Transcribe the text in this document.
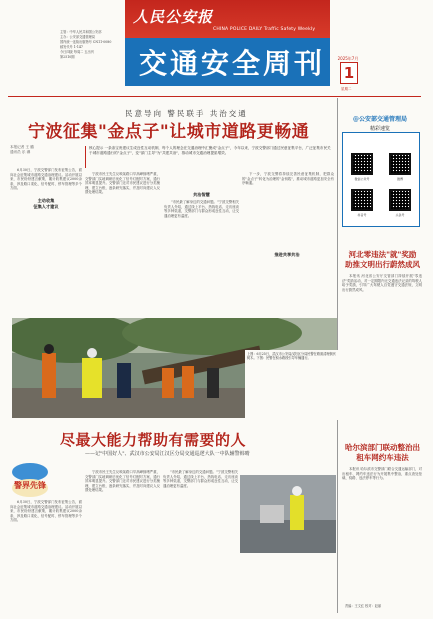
主管：中华人民共和国公安部
主办：公安部交通管理局
国内统一连续出版物号 CN11-0080
邮发代号 1-147
今日四版 每周二 五出刊
第2510期
人民公安报
CHINA POLICE DAILY Traffic Safety Weekly
交通安全周刊	2025年7月
1
星期二
民意导向 警民联手 共治交通
宁波征集"金点子"让城市道路更畅通
本报记者 王 璐
通讯员 乐 淋
核心提示 一条条宝贵建议生成良性互动机制，每个人的理念在交通治理中汇聚成"金点子"，今年以来，宁波交警部门通过民意征集平台，广泛征集市民关于城市道路通行的"金点子"，变"部门主导"为"共建共治"，推动城市交通治理提质增效。

6月30日，宁波交警部门发布征集公告，面向社会征集城市道路交通治理建议。活动开展以来，市民纷纷建言献策，累计收集建议2000余条，涉及路口渠化、信号配时、停车管理等多个方面。

主动收集
征集人才建议

宁波市民王先生反映某路口早高峰拥堵严重，交警部门实地调研后优化了信号灯配时方案，通行效率明显提升。交警部门还对市民建议进行分类梳理，建立台账，逐条研究落实，并及时向建议人反馈处理结果。	共治智慧

"市民最了解身边的交通问题。"宁波交警相关负责人介绍，通过线上平台、热线电话、走访座谈等多种渠道，交警部门与群众形成良性互动，让交通治理更有温度。

推进共享共治

下一步，宁波交警将持续完善民意征集机制，把群众的"金点子"转化为治理的"金钥匙"，推动城市道路更加安全有序畅通。

@公安部交通管理局
精彩速览
微信公众号	微博
抖音号	头条号
河北零违法"就"奖励助推文明出行蔚然成风

本报讯 河北省公安厅交管部门持续开展"零违法"奖励活动，对一定期限内无交通违法记录的驾驶人给予奖励，引导广大驾驶人自觉遵守交通法规，文明出行蔚然成风。

哈尔滨部门联动整治出租车网约车违法

本报讯 哈尔滨市交警部门联合交通运输部门，对出租车、网约车违法行为开展集中整治，重点查处拒载、绕路、违法停车等行为。

上图：6月25日，武汉市公安局汉阳区分局民警在路面清理倒伏树木。下图：民警在积水路段引导车辆通行。
尽最大能力帮助有需要的人
——记"中国好人"、武汉市公安局江汉区分局交通巡逻大队一中队辅警韩晴
警界先锋

6月30日，宁波交警部门发布征集公告，面向社会征集城市道路交通治理建议。活动开展以来，市民纷纷建言献策，累计收集建议2000余条，涉及路口渠化、信号配时、停车管理等多个方面。

宁波市民王先生反映某路口早高峰拥堵严重，交警部门实地调研后优化了信号灯配时方案，通行效率明显提升。交警部门还对市民建议进行分类梳理，建立台账，逐条研究落实，并及时向建议人反馈处理结果。

"市民最了解身边的交通问题。"宁波交警相关负责人介绍，通过线上平台、热线电话、走访座谈等多种渠道，交警部门与群众形成良性互动，让交通治理更有温度。

责编：王文红 校对：赵丽
